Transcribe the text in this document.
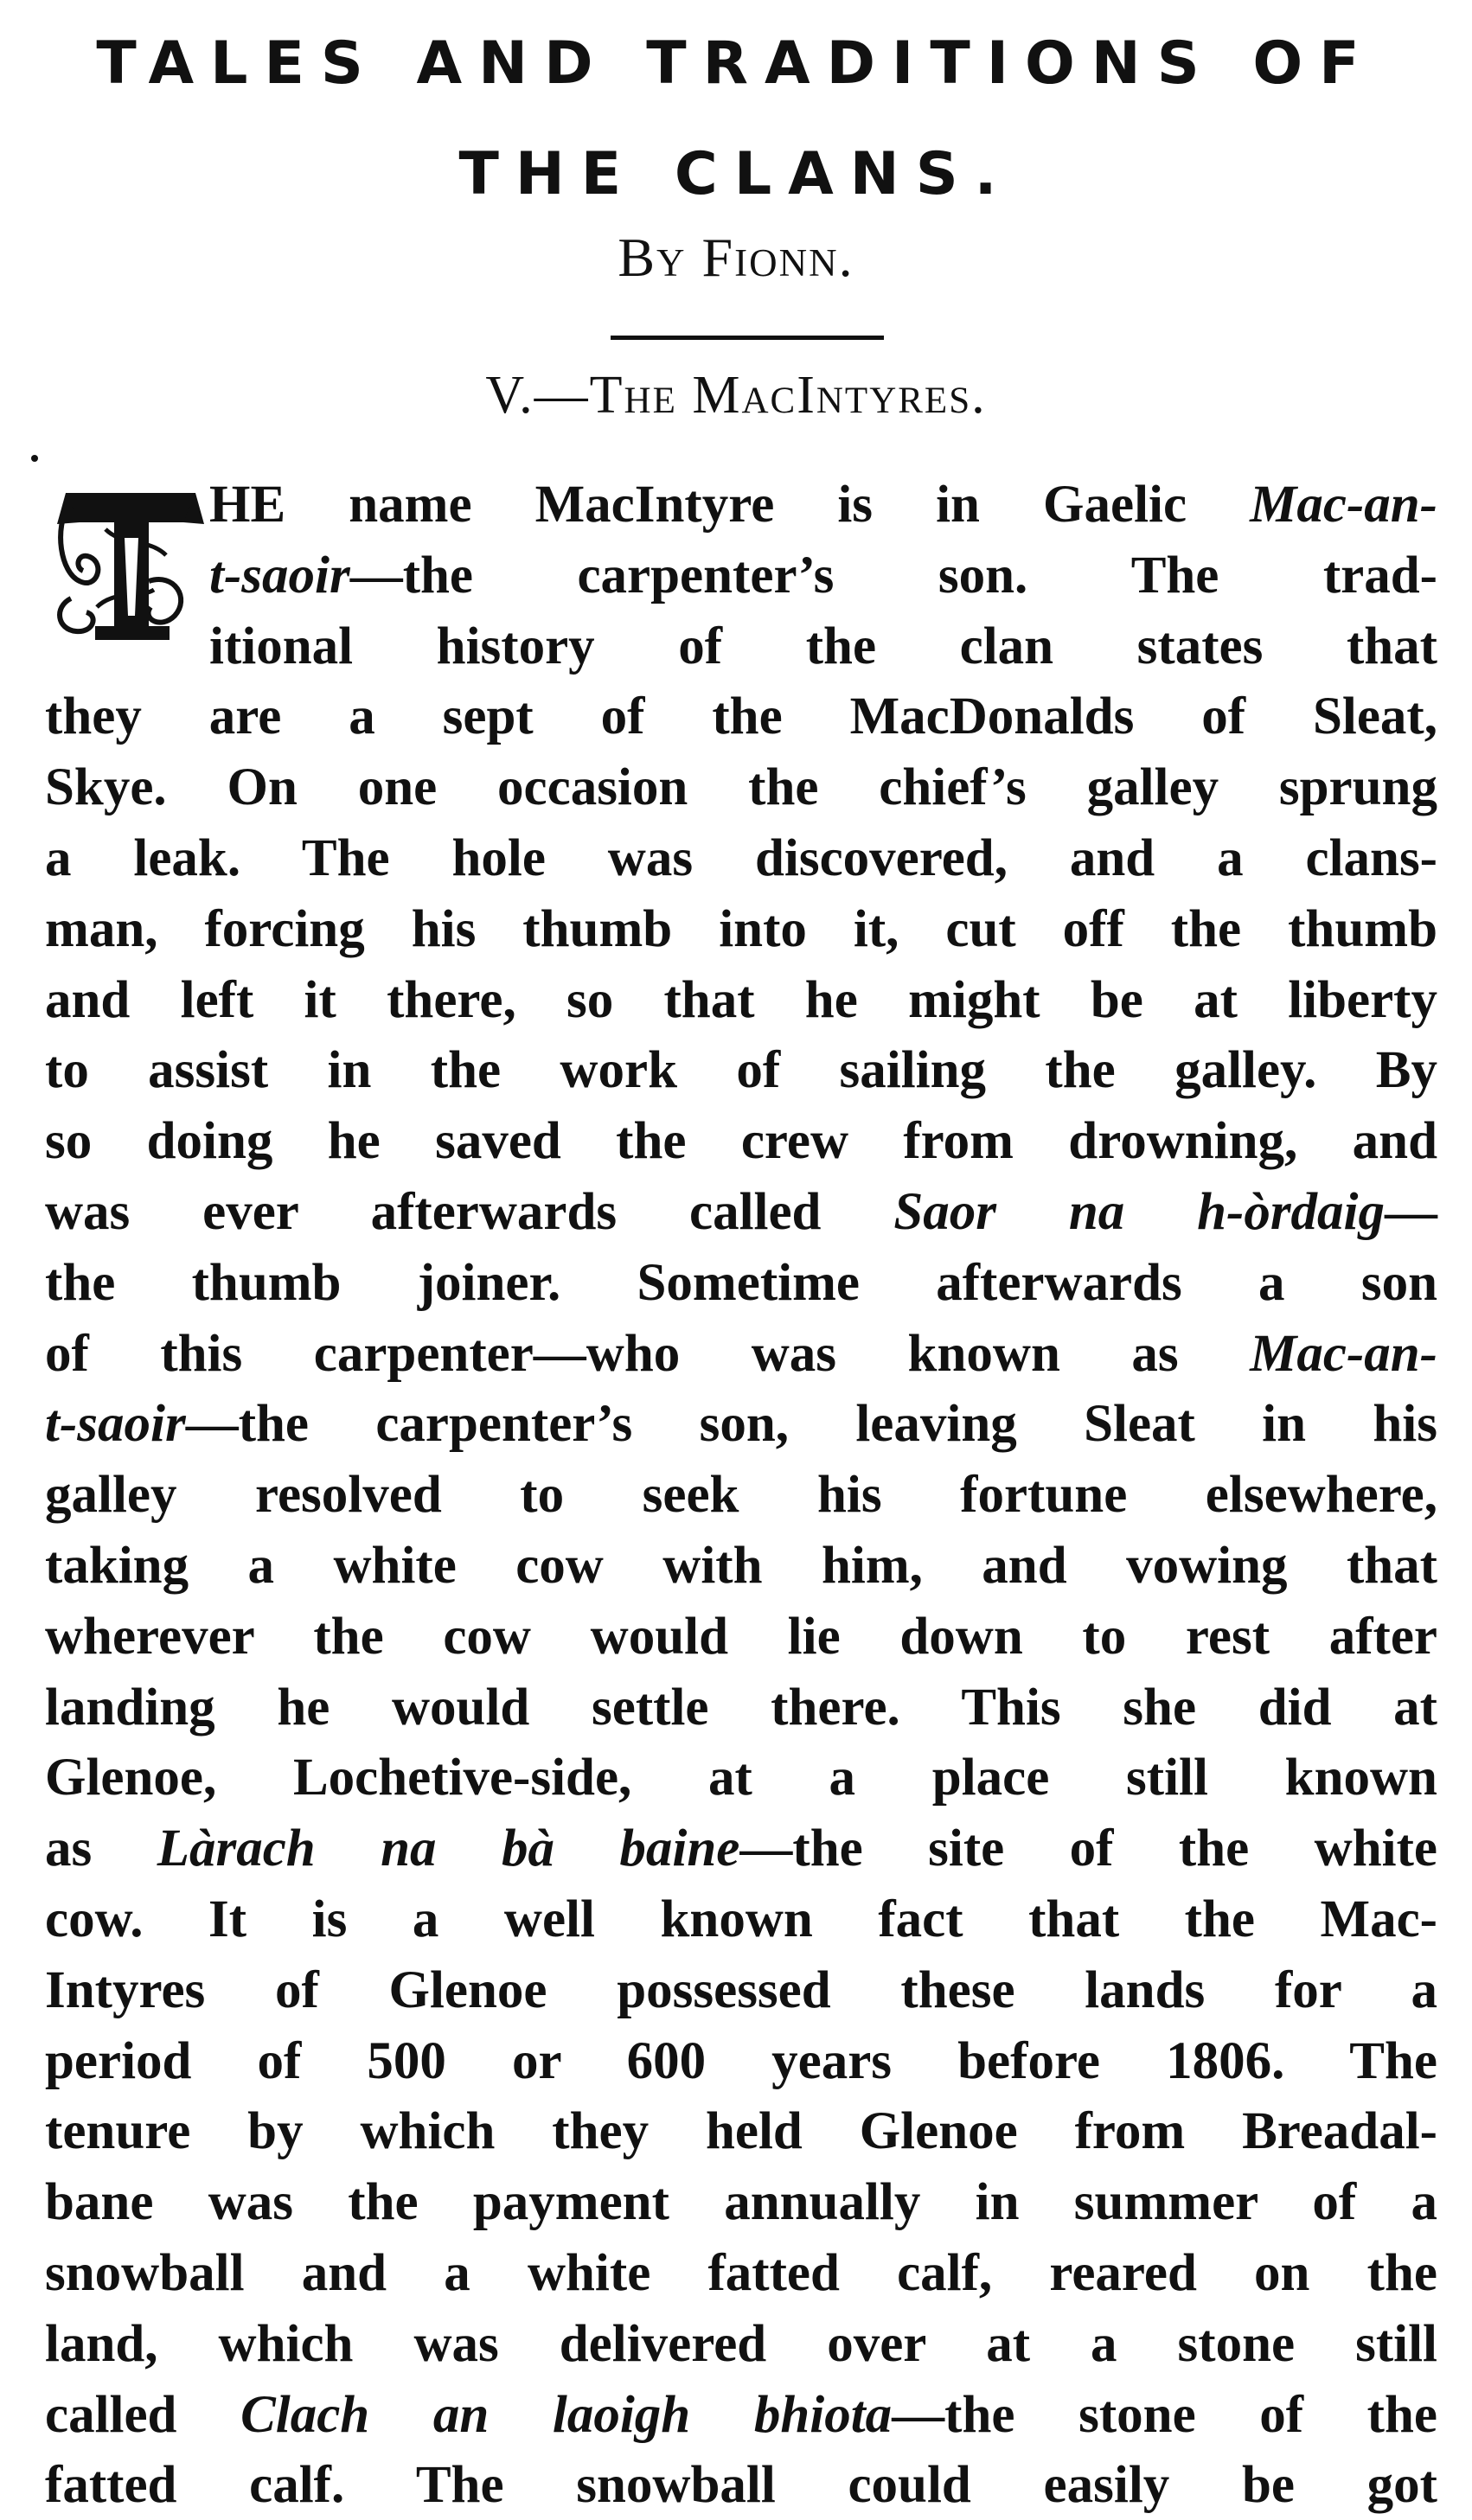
TALES AND TRADITIONS OF
THE CLANS.
By Fionn.
V.—The MacIntyres.
HE name MacIntyre is in Gaelic Mac-an-
t-saoir—the carpenter’s son. The trad-
itional history of the clan states that
they are a sept of the MacDonalds of Sleat,
Skye. On one occasion the chief’s galley sprung
a leak. The hole was discovered, and a clans-
man, forcing his thumb into it, cut off the thumb
and left it there, so that he might be at liberty
to assist in the work of sailing the galley. By
so doing he saved the crew from drowning, and
was ever afterwards called Saor na h-òrdaig—
the thumb joiner. Sometime afterwards a son
of this carpenter—who was known as Mac-an-
t-saoir—the carpenter’s son, leaving Sleat in his
galley resolved to seek his fortune elsewhere,
taking a white cow with him, and vowing that
wherever the cow would lie down to rest after
landing he would settle there. This she did at
Glenoe, Lochetive-side, at a place still known
as Làrach na bà baine—the site of the white
cow. It is a well known fact that the Mac-
Intyres of Glenoe possessed these lands for a
period of 500 or 600 years before 1806. The
tenure by which they held Glenoe from Breadal-
bane was the payment annually in summer of a
snowball and a white fatted calf, reared on the
land, which was delivered over at a stone still
called Clach an laoigh bhiota—the stone of the
fatted calf. The snowball could easily be got
